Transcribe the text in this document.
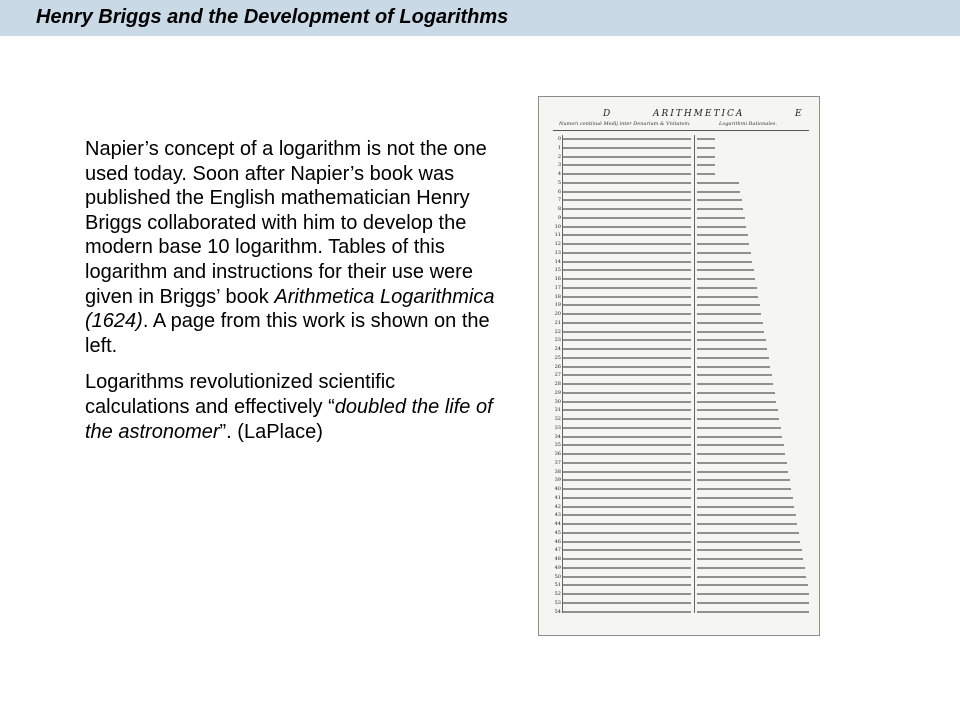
Henry Briggs and the Development of Logarithms

Napier’s concept of a logarithm is not the one used today. Soon after Napier’s book was published the English mathematician Henry Briggs collaborated with him to develop the modern base 10 logarithm. Tables of this logarithm and instructions for their use were given in Briggs’ book Arithmetica Logarithmica (1624). A page from this work is shown on the left.

Logarithms revolutionized scientific calculations and effectively “doubled the life of the astronomer”. (LaPlace)

D	ARITHMETICA	E
Numeri continuè Medij inter Denarium & Vnitatem.	Logarithmi Rationales.
0
1
2
3
4
5
6
7
8
9
10
11
12
13
14
15
16
17
18
19
20
21
22
23
24
25
26
27
28
29
30
31
32
33
34
35
36
37
38
39
40
41
42
43
44
45
46
47
48
49
50
51
52
53
54
